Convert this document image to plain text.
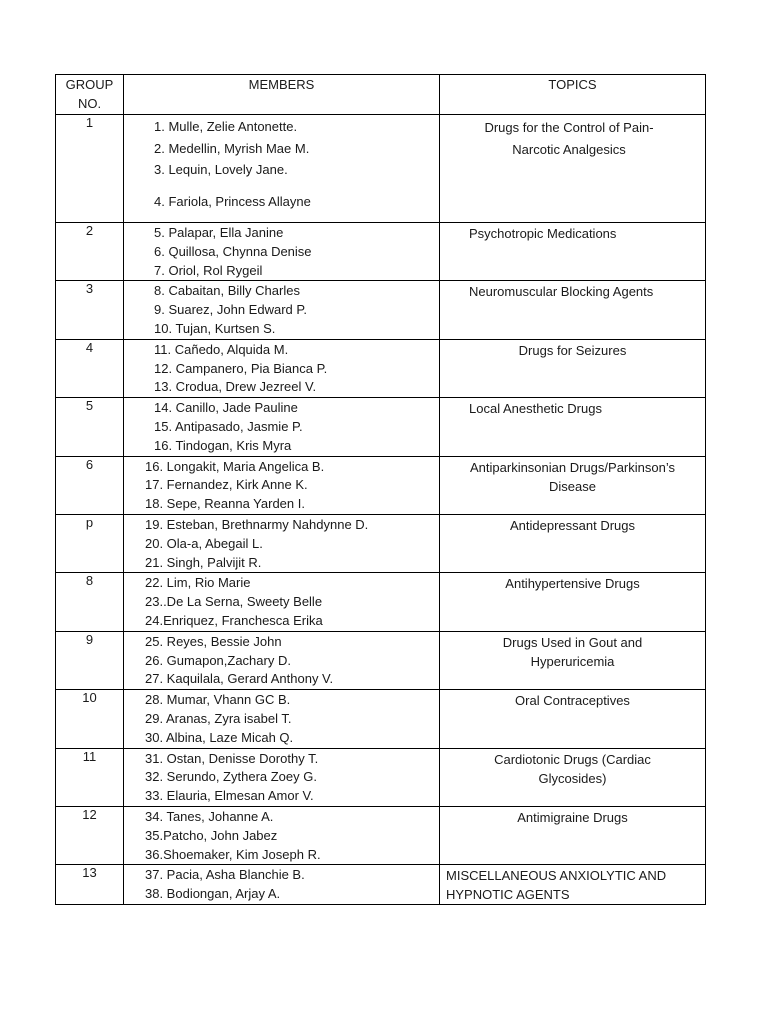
GROUP NO.	MEMBERS	TOPICS
1	1. Mulle, Zelie Antonette.
2. Medellin, Myrish Mae M.
3. Lequin, Lovely Jane.
4. Fariola, Princess Allayne	Drugs for the Control of Pain- Narcotic Analgesics

2	5. Palapar, Ella Janine
6. Quillosa, Chynna Denise
7. Oriol, Rol Rygeil	Psychotropic Medications

3	8. Cabaitan, Billy Charles
9. Suarez, John Edward P.
10. Tujan, Kurtsen S.	Neuromuscular Blocking Agents

4	11. Cañedo, Alquida M.
12. Campanero, Pia Bianca P.
13. Crodua, Drew Jezreel V.	Drugs for Seizures

5	14. Canillo, Jade Pauline
15. Antipasado, Jasmie P.
16. Tindogan, Kris Myra	Local Anesthetic Drugs

6	16. Longakit, Maria Angelica B.
17. Fernandez, Kirk Anne K.
18. Sepe, Reanna Yarden I.	Antiparkinsonian Drugs/Parkinson’s Disease

p	19. Esteban, Brethnarmy Nahdynne D.
20. Ola-a, Abegail L.
21. Singh, Palvijit R.	Antidepressant Drugs

8	22. Lim, Rio Marie
23..De La Serna, Sweety Belle
24.Enriquez, Franchesca Erika	Antihypertensive Drugs

9	25. Reyes, Bessie John
26. Gumapon,Zachary D.
27. Kaquilala, Gerard Anthony V.	Drugs Used in Gout and Hyperuricemia

10	28. Mumar, Vhann GC B.
29. Aranas, Zyra isabel T.
30. Albina, Laze Micah Q.	Oral Contraceptives

11	31. Ostan, Denisse Dorothy T.
32. Serundo, Zythera Zoey G.
33. Elauria, Elmesan Amor V.	Cardiotonic Drugs (Cardiac Glycosides)

12	34. Tanes, Johanne A.
35.Patcho, John Jabez
36.Shoemaker, Kim Joseph R.	Antimigraine Drugs

13	37. Pacia, Asha Blanchie B.
38. Bodiongan, Arjay A.	MISCELLANEOUS ANXIOLYTIC AND HYPNOTIC AGENTS
